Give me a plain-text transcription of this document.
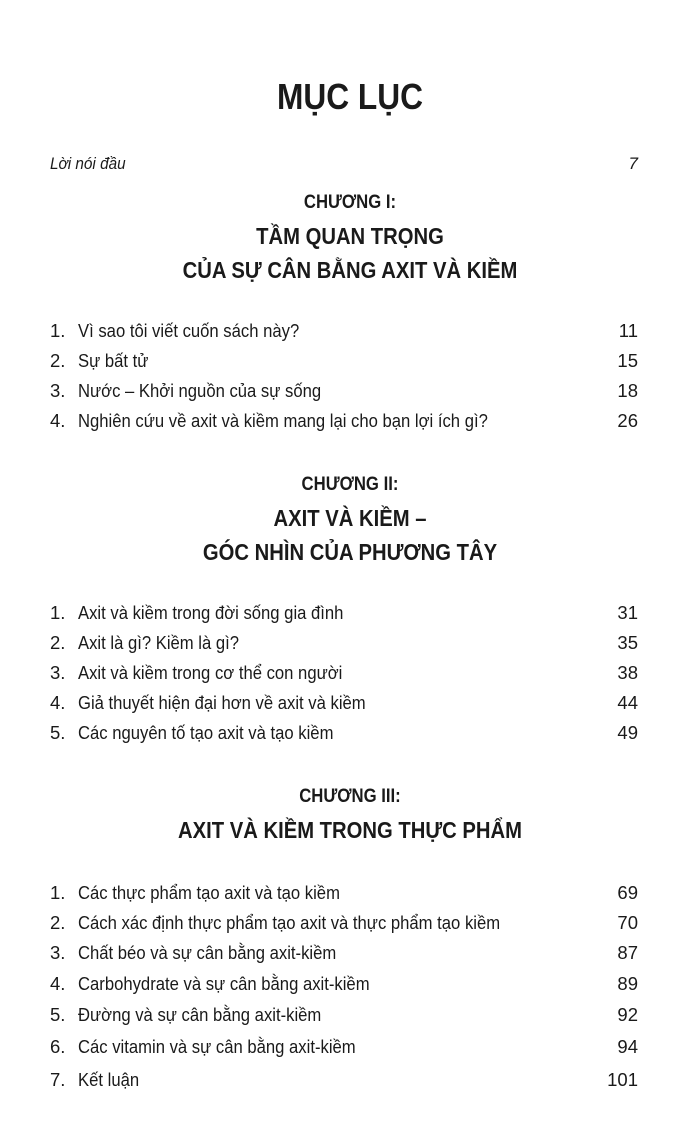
MỤC LỤC
Lời nói đầu	7
CHƯƠNG I:
TẦM QUAN TRỌNG
CỦA SỰ CÂN BẰNG AXIT VÀ KIỀM
1. Vì sao tôi viết cuốn sách này?	11
2. Sự bất tử	15
3. Nước – Khởi nguồn của sự sống	18
4. Nghiên cứu về axit và kiềm mang lại cho bạn lợi ích gì?	26
CHƯƠNG II:
AXIT VÀ KIỀM –
GÓC NHÌN CỦA PHƯƠNG TÂY
1. Axit và kiềm trong đời sống gia đình	31
2. Axit là gì? Kiềm là gì?	35
3. Axit và kiềm trong cơ thể con người	38
4. Giả thuyết hiện đại hơn về axit và kiềm	44
5. Các nguyên tố tạo axit và tạo kiềm	49
CHƯƠNG III:
AXIT VÀ KIỀM TRONG THỰC PHẨM
1. Các thực phẩm tạo axit và tạo kiềm	69
2. Cách xác định thực phẩm tạo axit và thực phẩm tạo kiềm	70
3. Chất béo và sự cân bằng axit-kiềm	87
4. Carbohydrate và sự cân bằng axit-kiềm	89
5. Đường và sự cân bằng axit-kiềm	92
6. Các vitamin và sự cân bằng axit-kiềm	94
7. Kết luận	101
